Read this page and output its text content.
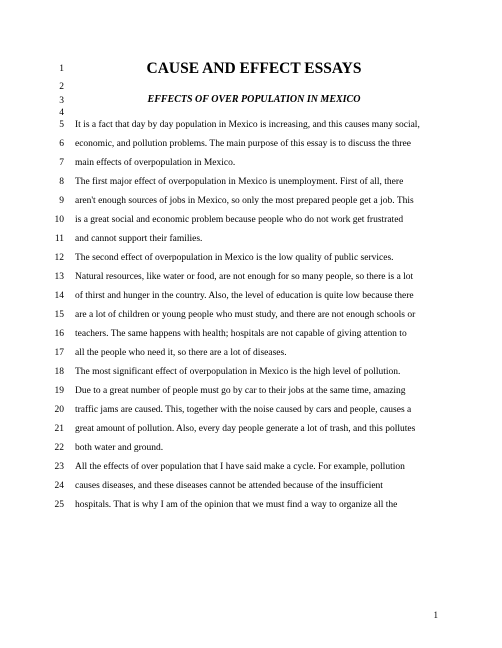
1
2
3
4
5
6
7
8
9
10
11
12
13
14
15
16
17
18
19
20
21
22
23
24
25
CAUSE AND EFFECT ESSAYS
EFFECTS OF OVER POPULATION IN MEXICO
It is a fact that day by day population in Mexico is increasing, and this causes many social,
economic, and pollution problems. The main purpose of this essay is to discuss the three
main effects of overpopulation in Mexico.
The first major effect of overpopulation in Mexico is unemployment. First of all, there
aren't enough sources of jobs in Mexico, so only the most prepared people get a job. This
is a great social and economic problem because people who do not work get frustrated
and cannot support their families.
The second effect of overpopulation in Mexico is the low quality of public services.
Natural resources, like water or food, are not enough for so many people, so there is a lot
of thirst and hunger in the country. Also, the level of education is quite low because there
are a lot of children or young people who must study, and there are not enough schools or
teachers. The same happens with health; hospitals are not capable of giving attention to
all the people who need it, so there are a lot of diseases.
The most significant effect of overpopulation in Mexico is the high level of pollution.
Due to a great number of people must go by car to their jobs at the same time, amazing
traffic jams are caused. This, together with the noise caused by cars and people, causes a
great amount of pollution. Also, every day people generate a lot of trash, and this pollutes
both water and ground.
All the effects of over population that I have said make a cycle. For example, pollution
causes diseases, and these diseases cannot be attended because of the insufficient
hospitals. That is why I am of the opinion that we must find a way to organize all the
1
